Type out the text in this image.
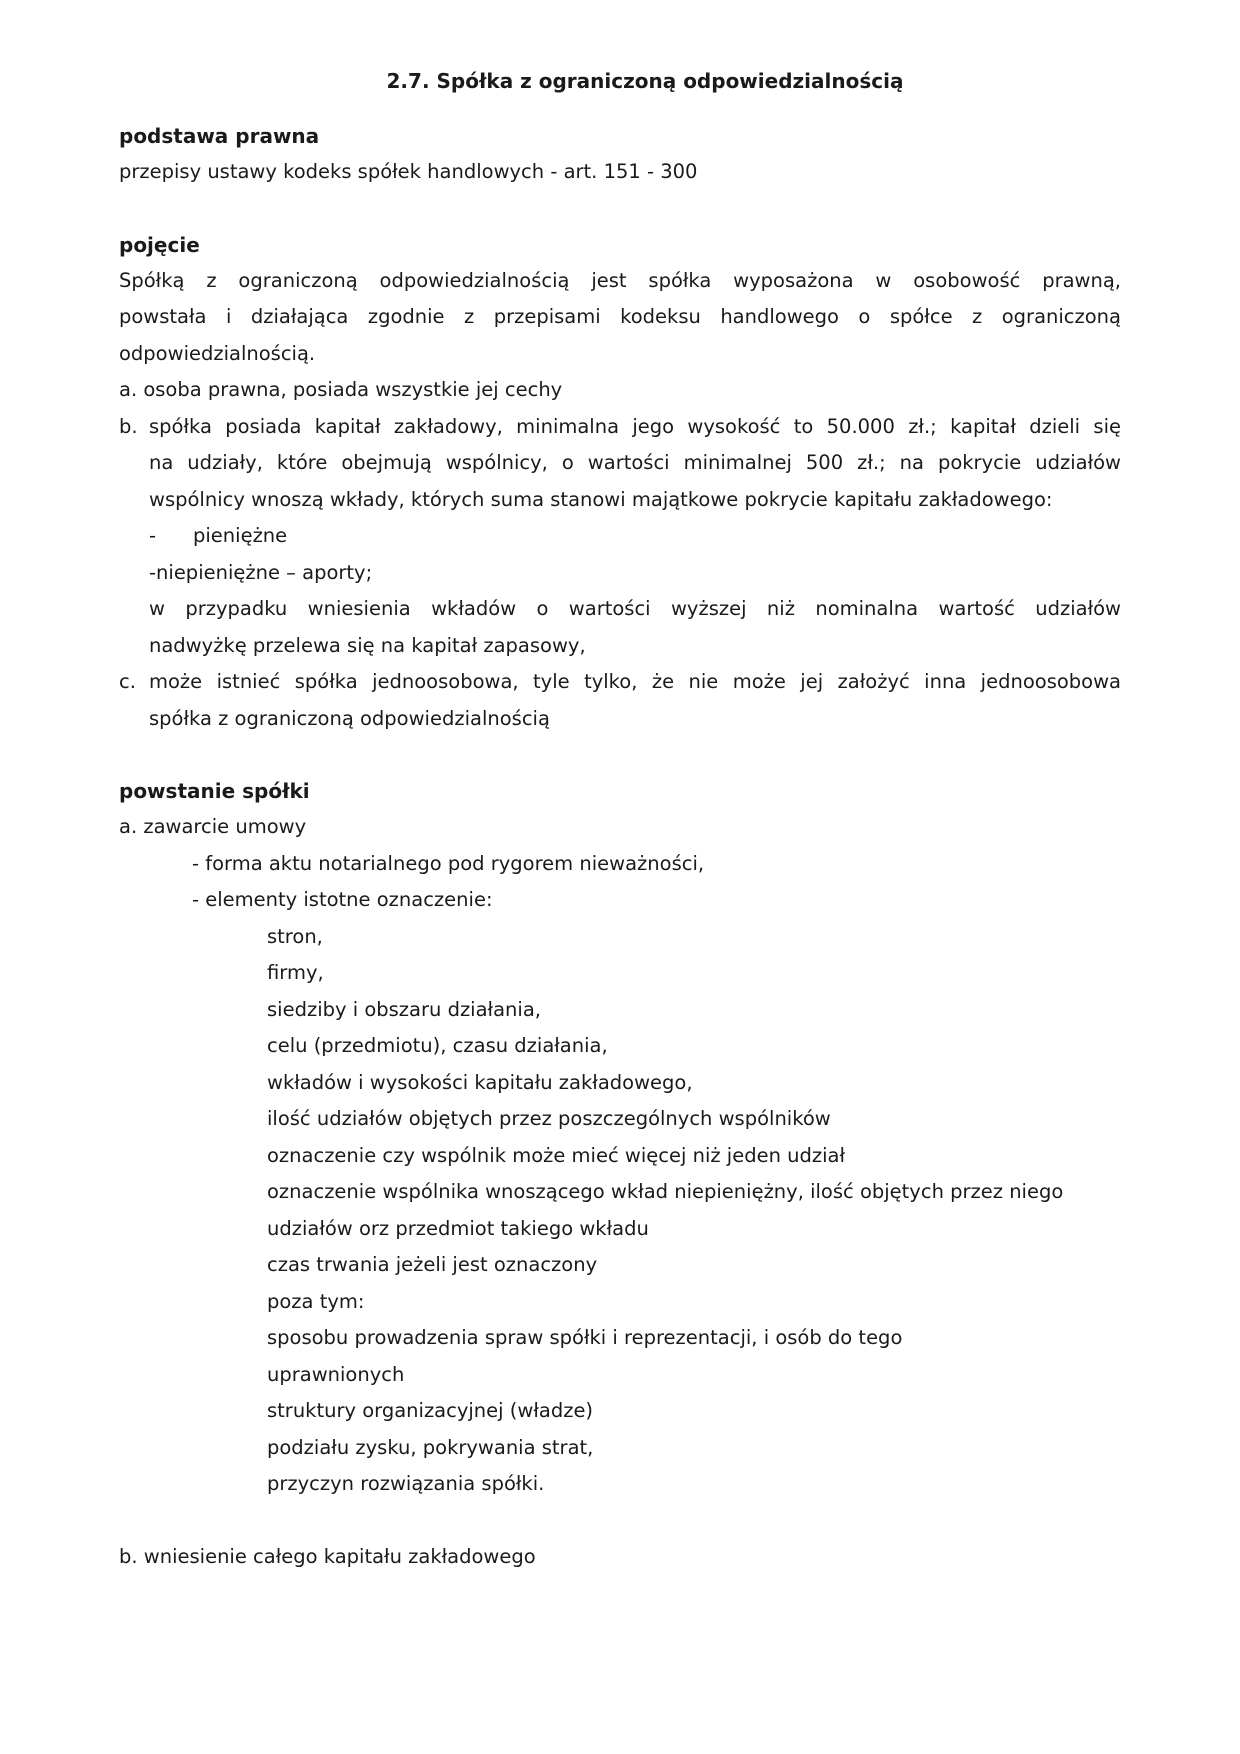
2.7. Spółka z ograniczoną odpowiedzialnością

podstawa prawna

przepisy ustawy kodeks spółek handlowych - art. 151 - 300

pojęcie

Spółką z ograniczoną odpowiedzialnością jest spółka wyposażona w osobowość prawną,

powstała i działająca zgodnie z przepisami kodeksu handlowego o spółce z ograniczoną

odpowiedzialnością.

a. osoba prawna, posiada wszystkie jej cechy

b. spółka posiada kapitał zakładowy, minimalna jego wysokość to 50.000 zł.; kapitał dzieli się

na udziały, które obejmują wspólnicy, o wartości minimalnej 500 zł.; na pokrycie udziałów

wspólnicy wnoszą wkłady, których suma stanowi majątkowe pokrycie kapitału zakładowego:

- pieniężne

-niepieniężne – aporty;

w przypadku wniesienia wkładów o wartości wyższej niż nominalna wartość udziałów

nadwyżkę przelewa się na kapitał zapasowy,

c. może istnieć spółka jednoosobowa, tyle tylko, że nie może jej założyć inna jednoosobowa

spółka z ograniczoną odpowiedzialnością

powstanie spółki

a. zawarcie umowy

- forma aktu notarialnego pod rygorem nieważności,

- elementy istotne oznaczenie:

stron,

firmy,

siedziby i obszaru działania,

celu (przedmiotu), czasu działania,

wkładów i wysokości kapitału zakładowego,

ilość udziałów objętych przez poszczególnych wspólników

oznaczenie czy wspólnik może mieć więcej niż jeden udział

oznaczenie wspólnika wnoszącego wkład niepieniężny, ilość objętych przez niego

udziałów orz przedmiot takiego wkładu

czas trwania jeżeli jest oznaczony

poza tym:

sposobu prowadzenia spraw spółki i reprezentacji, i osób do tego

uprawnionych

struktury organizacyjnej (władze)

podziału zysku, pokrywania strat,

przyczyn rozwiązania spółki.

b. wniesienie całego kapitału zakładowego
